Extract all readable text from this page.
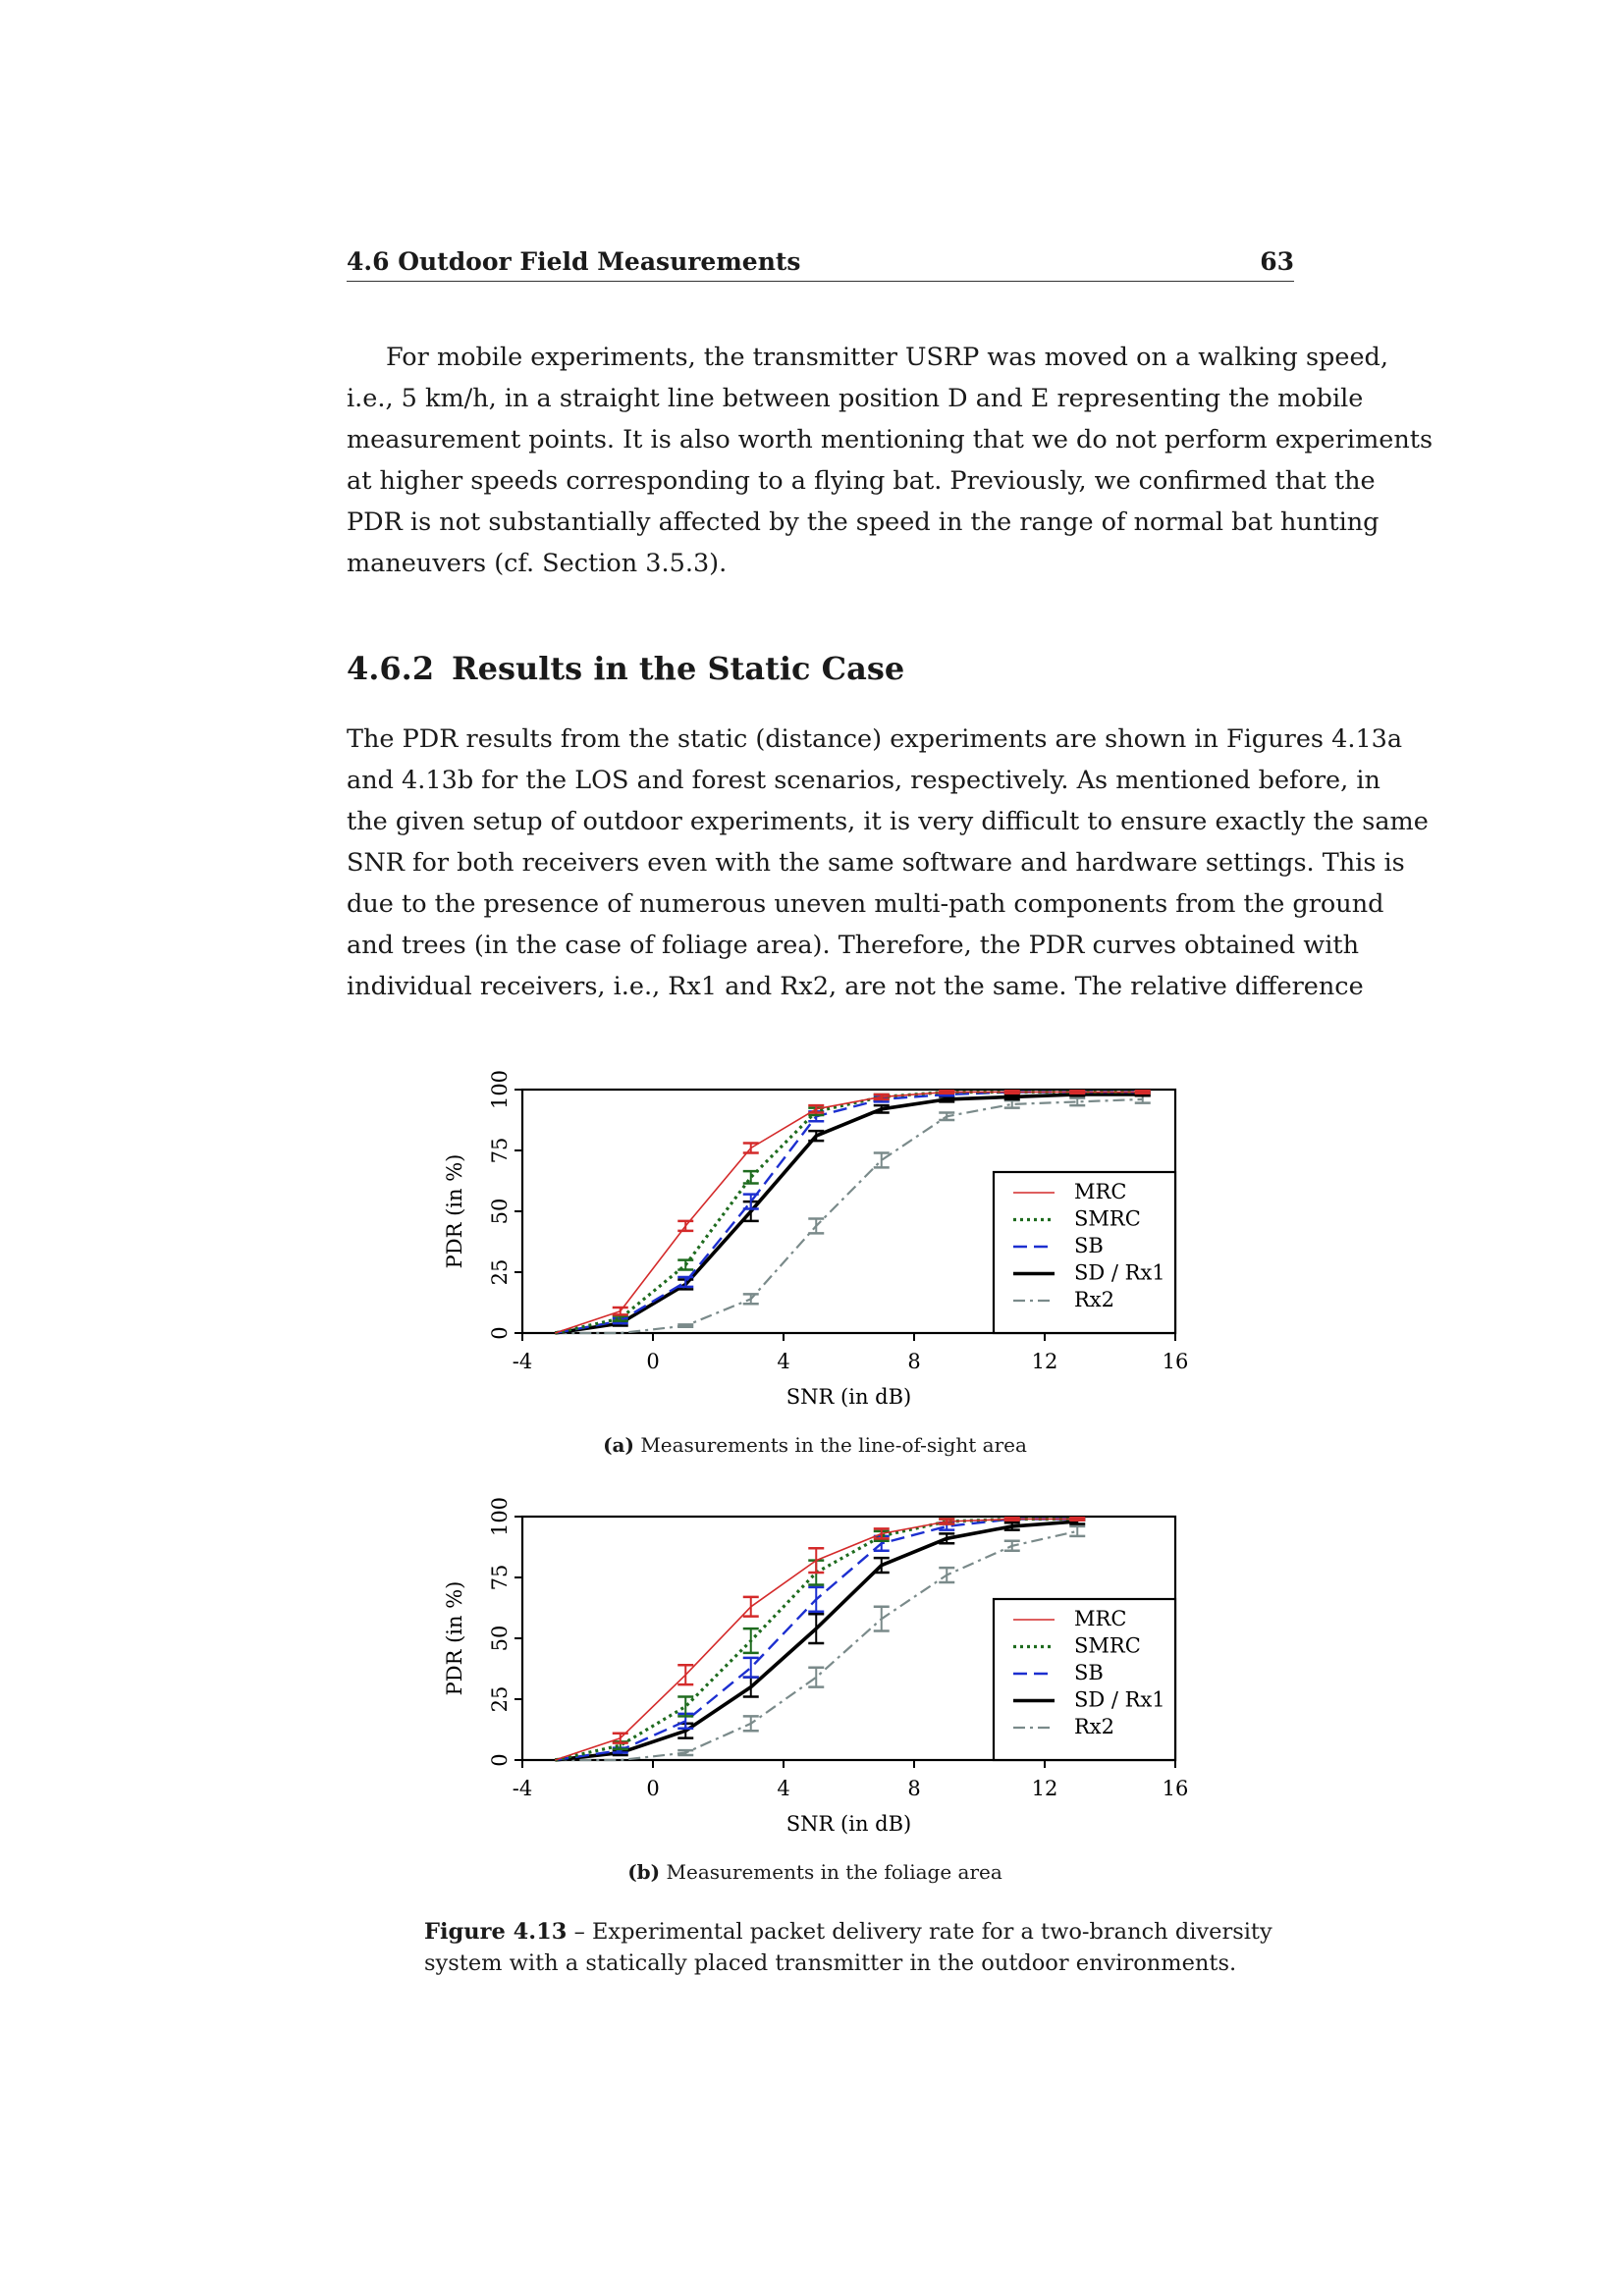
4.6 Outdoor Field Measurements	63
For mobile experiments, the transmitter USRP was moved on a walking speed,
i.e., 5 km/h, in a straight line between position D and E representing the mobile
measurement points. It is also worth mentioning that we do not perform experiments
at higher speeds corresponding to a flying bat. Previously, we confirmed that the
PDR is not substantially affected by the speed in the range of normal bat hunting
maneuvers (cf. Section 3.5.3).
4.6.2 Results in the Static Case
The PDR results from the static (distance) experiments are shown in Figures 4.13a
and 4.13b for the LOS and forest scenarios, respectively. As mentioned before, in
the given setup of outdoor experiments, it is very difficult to ensure exactly the same
SNR for both receivers even with the same software and hardware settings. This is
due to the presence of numerous uneven multi-path components from the ground
and trees (in the case of foliage area). Therefore, the PDR curves obtained with
individual receivers, i.e., Rx1 and Rx2, are not the same. The relative difference
-4	0	4	8	12	16
0
25
50
75
100
SNR (in dB)
PDR (in %)	MRC
SMRC
SB
SD / Rx1
Rx2
(a) Measurements in the line-of-sight area
-4	0	4	8	12	16
0
25
50
75
100
SNR (in dB)
PDR (in %)	MRC
SMRC
SB
SD / Rx1
Rx2
(b) Measurements in the foliage area
Figure 4.13 – Experimental packet delivery rate for a two-branch diversity
system with a statically placed transmitter in the outdoor environments.
